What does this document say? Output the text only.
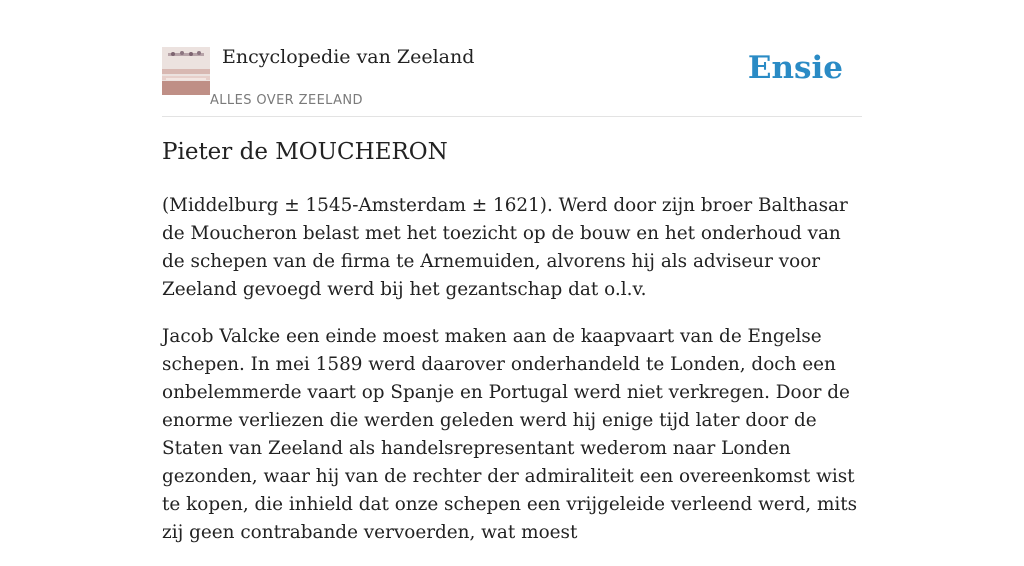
Encyclopedie van Zeeland
ALLES OVER ZEELAND
Ensie
Pieter de MOUCHERON

(Middelburg ± 1545-Amsterdam ± 1621). Werd door zijn broer Balthasar de Moucheron belast met het toezicht op de bouw en het onderhoud van de schepen van de firma te Arnemuiden, alvorens hij als adviseur voor Zeeland gevoegd werd bij het gezantschap dat o.l.v.

Jacob Valcke een einde moest maken aan de kaapvaart van de Engelse schepen. In mei 1589 werd daarover onderhandeld te Londen, doch een onbelemmerde vaart op Spanje en Portugal werd niet verkregen. Door de enorme verliezen die werden geleden werd hij enige tijd later door de Staten van Zeeland als handelsrepresentant wederom naar Londen gezonden, waar hij van de rechter der admiraliteit een overeenkomst wist te kopen, die inhield dat onze schepen een vrijgeleide verleend werd, mits zij geen contrabande vervoerden, wat moest
